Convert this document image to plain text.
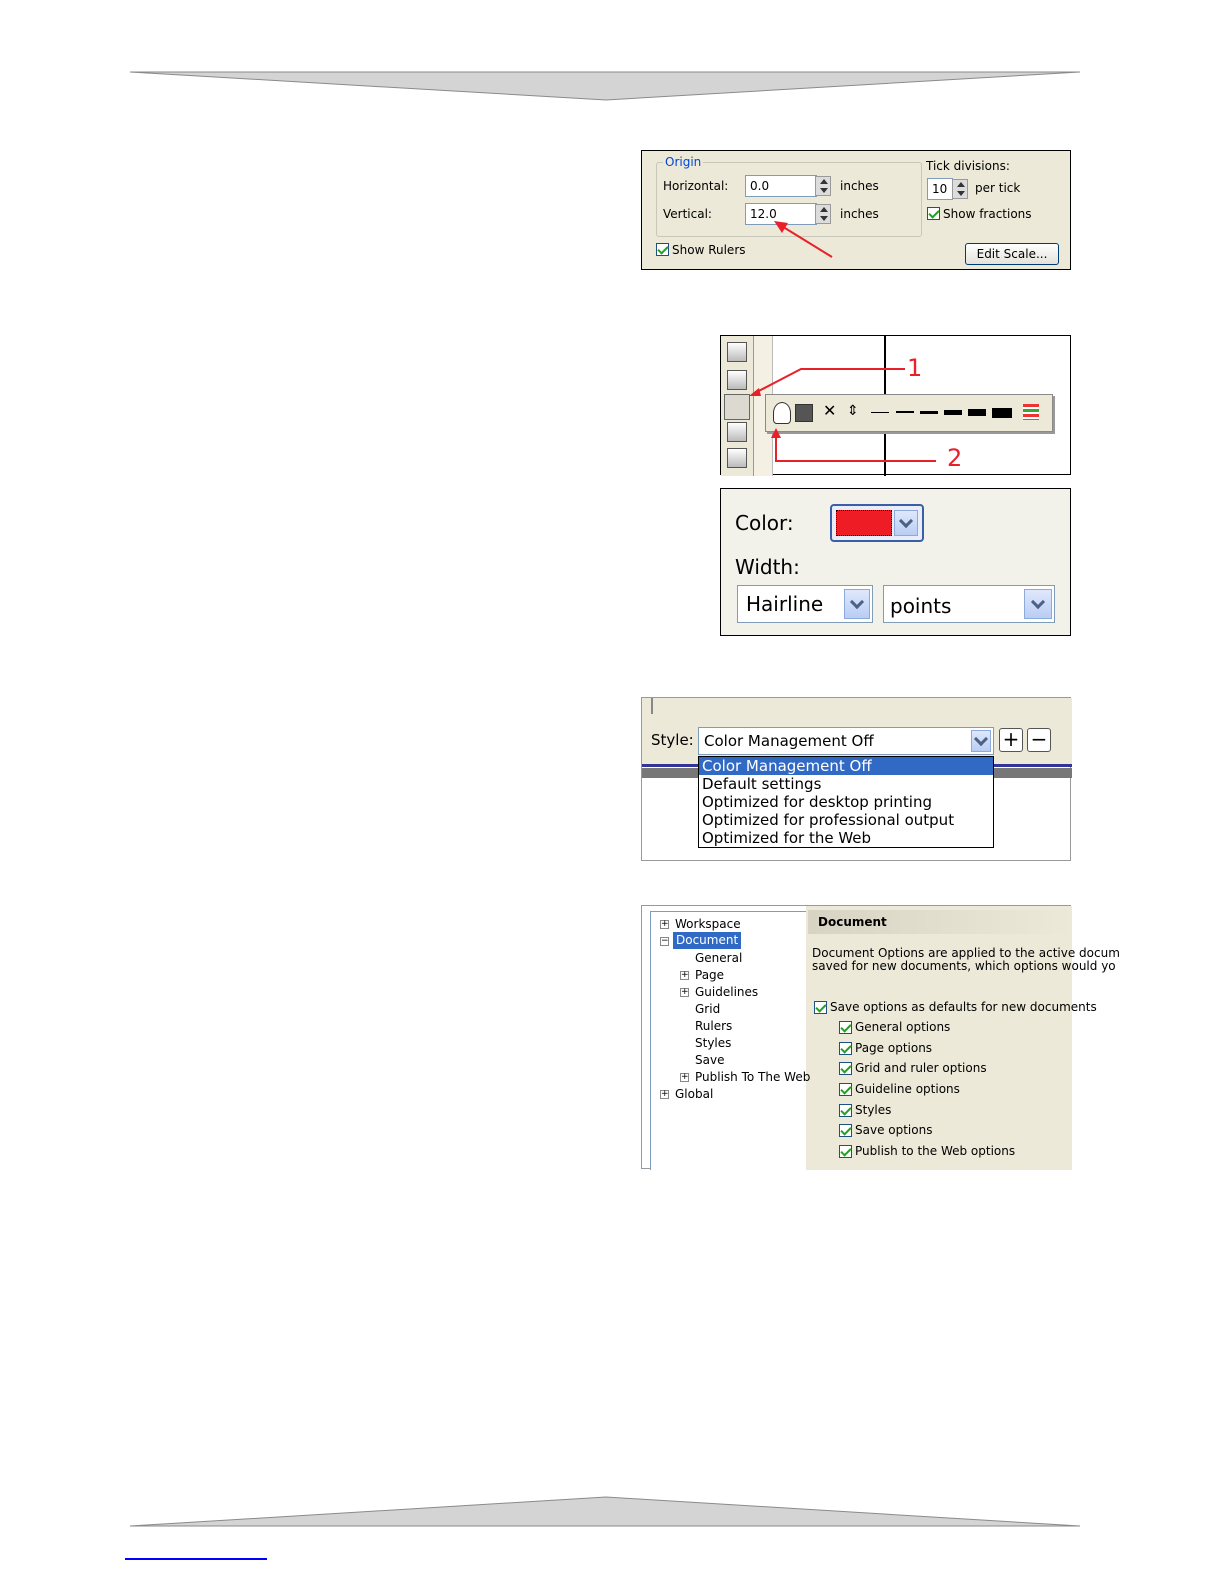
Origin
Horizontal:	0.0	inches
Vertical:	12.0	inches
Tick divisions:
10	per tick
Show fractions
Show Rulers	Edit Scale...
✕ ⇕
1
2
Color:
Width:
Hairline	points
Style: Color Management Off	+ −
Color Management Off
Default settings
Optimized for desktop printing
Optimized for professional output
Optimized for the Web
Document
+ Workspace
− Document
General
+ Page
+ Guidelines
Grid
Rulers
Styles
Save
+ Publish To The Web
+ Global
Document Options are applied to the active docum
saved for new documents, which options would yo
Save options as defaults for new documents
General options
Page options
Grid and ruler options
Guideline options
Styles
Save options
Publish to the Web options
